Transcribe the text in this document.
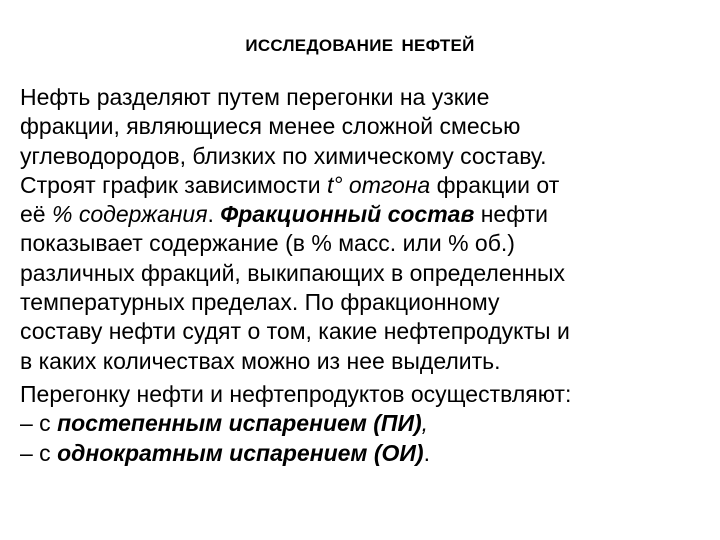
ИССЛЕДОВАНИЕ НЕФТЕЙ

Нефть разделяют путем перегонки на узкие
фракции, являющиеся менее сложной смесью
углеводородов, близких по химическому составу.
Строят график зависимости t° отгона фракции от
её % содержания. Фракционный состав нефти
показывает содержание (в % масс. или % об.)
различных фракций, выкипающих в определенных
температурных пределах. По фракционному
составу нефти судят о том, какие нефтепродукты и
в каких количествах можно из нее выделить.

Перегонку нефти и нефтепродуктов осуществляют:
– с постепенным испарением (ПИ),
– с однократным испарением (ОИ).
